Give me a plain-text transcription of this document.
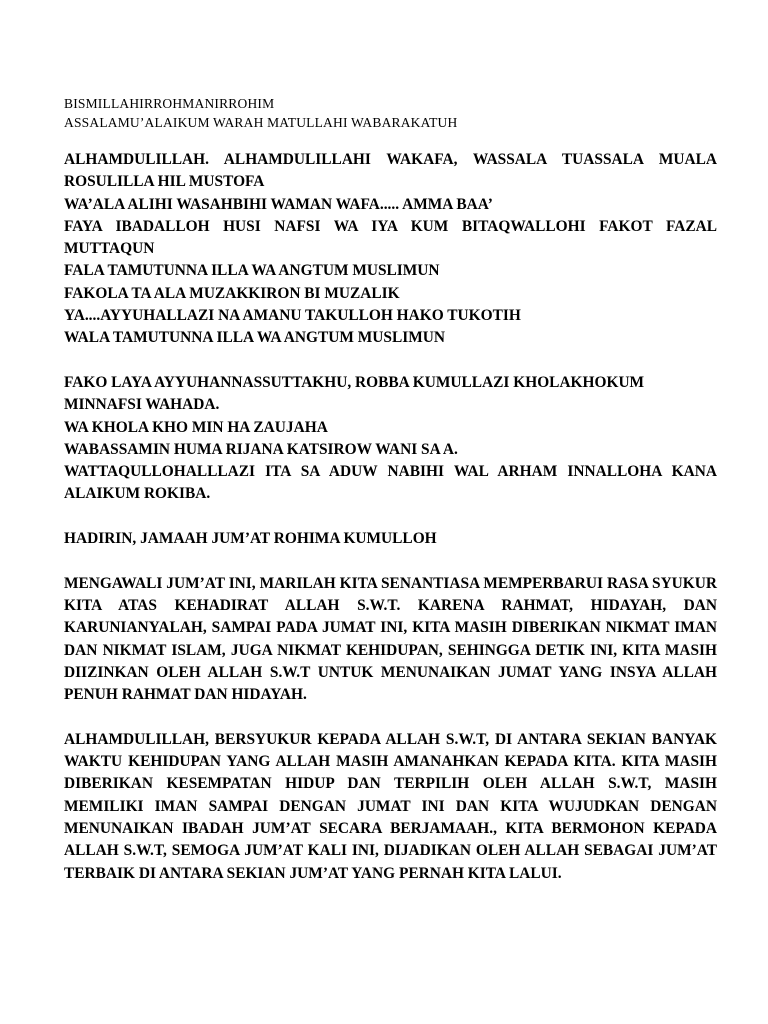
BISMILLAHIRROHMANIRROHIM
ASSALAMU’ALAIKUM WARAH MATULLAHI WABARAKATUH
ALHAMDULILLAH. ALHAMDULILLAHI WAKAFA, WASSALA TUASSALA MUALA ROSULILLA HIL MUSTOFA
WA’ALA ALIHI WASAHBIHI WAMAN WAFA..... AMMA BAA’
FAYA IBADALLOH HUSI NAFSI WA IYA KUM BITAQWALLOHI FAKOT FAZAL MUTTAQUN
FALA TAMUTUNNA ILLA WA ANGTUM MUSLIMUN
FAKOLA TA ALA MUZAKKIRON BI MUZALIK
YA....AYYUHALLAZI NA AMANU TAKULLOH HAKO TUKOTIH
WALA TAMUTUNNA ILLA WA ANGTUM MUSLIMUN
FAKO LAYA AYYUHANNASSUTTAKHU, ROBBA KUMULLAZI KHOLAKHOKUM MINNAFSI WAHADA.
WA KHOLA KHO MIN HA ZAUJAHA
WABASSAMIN HUMA RIJANA KATSIROW WANI SA A.
WATTAQULLOHALLLAZI ITA SA ADUW NABIHI WAL ARHAM INNALLOHA KANA ALAIKUM ROKIBA.
HADIRIN, JAMAAH JUM’AT ROHIMA KUMULLOH
MENGAWALI JUM’AT INI, MARILAH KITA SENANTIASA MEMPERBARUI RASA SYUKUR KITA ATAS KEHADIRAT ALLAH S.W.T. KARENA RAHMAT, HIDAYAH, DAN KARUNIANYALAH, SAMPAI PADA JUMAT INI, KITA MASIH DIBERIKAN NIKMAT IMAN DAN NIKMAT ISLAM, JUGA NIKMAT KEHIDUPAN, SEHINGGA DETIK INI, KITA MASIH DIIZINKAN OLEH ALLAH S.W.T UNTUK MENUNAIKAN JUMAT YANG INSYA ALLAH PENUH RAHMAT DAN HIDAYAH.
ALHAMDULILLAH, BERSYUKUR KEPADA ALLAH S.W.T, DI ANTARA SEKIAN BANYAK WAKTU KEHIDUPAN YANG ALLAH MASIH AMANAHKAN KEPADA KITA. KITA MASIH DIBERIKAN KESEMPATAN HIDUP DAN TERPILIH OLEH ALLAH S.W.T, MASIH MEMILIKI IMAN SAMPAI DENGAN JUMAT INI DAN KITA WUJUDKAN DENGAN MENUNAIKAN IBADAH JUM’AT SECARA BERJAMAAH., KITA BERMOHON KEPADA ALLAH S.W.T, SEMOGA JUM’AT KALI INI, DIJADIKAN OLEH ALLAH SEBAGAI JUM’AT TERBAIK DI ANTARA SEKIAN JUM’AT YANG PERNAH KITA LALUI.
